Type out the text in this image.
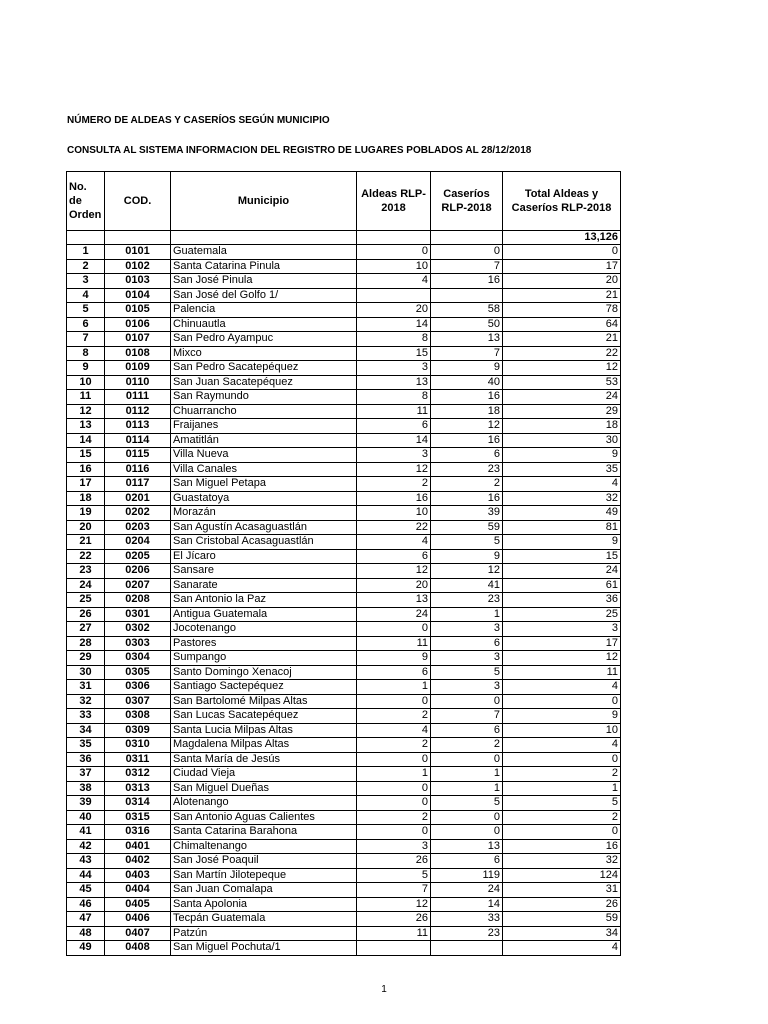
NÚMERO DE ALDEAS Y CASERÍOS SEGÚN MUNICIPIO
CONSULTA AL SISTEMA INFORMACION DEL REGISTRO DE LUGARES POBLADOS AL 28/12/2018
No. de Orden	COD.	Municipio	Aldeas RLP-2018	Caseríos RLP-2018	Total Aldeas y Caseríos RLP-2018
					13,126
1	0101	Guatemala	0	0	0
2	0102	Santa Catarina Pinula	10	7	17
3	0103	San José Pinula	4	16	20
4	0104	San José del Golfo 1/			21
5	0105	Palencia	20	58	78
6	0106	Chinuautla	14	50	64
7	0107	San Pedro Ayampuc	8	13	21
8	0108	Mixco	15	7	22
9	0109	San Pedro Sacatepéquez	3	9	12
10	0110	San Juan Sacatepéquez	13	40	53
11	0111	San Raymundo	8	16	24
12	0112	Chuarrancho	11	18	29
13	0113	Fraijanes	6	12	18
14	0114	Amatitlán	14	16	30
15	0115	Villa Nueva	3	6	9
16	0116	Villa Canales	12	23	35
17	0117	San Miguel Petapa	2	2	4
18	0201	Guastatoya	16	16	32
19	0202	Morazán	10	39	49
20	0203	San Agustín Acasaguastlán	22	59	81
21	0204	San Cristobal Acasaguastlán	4	5	9
22	0205	El Jícaro	6	9	15
23	0206	Sansare	12	12	24
24	0207	Sanarate	20	41	61
25	0208	San Antonio la Paz	13	23	36
26	0301	Antigua Guatemala	24	1	25
27	0302	Jocotenango	0	3	3
28	0303	Pastores	11	6	17
29	0304	Sumpango	9	3	12
30	0305	Santo Domingo Xenacoj	6	5	11
31	0306	Santiago Sactepéquez	1	3	4
32	0307	San Bartolomé Milpas Altas	0	0	0
33	0308	San Lucas Sacatepéquez	2	7	9
34	0309	Santa Lucia Milpas Altas	4	6	10
35	0310	Magdalena Milpas Altas	2	2	4
36	0311	Santa María de Jesús	0	0	0
37	0312	Ciudad Vieja	1	1	2
38	0313	San Miguel Dueñas	0	1	1
39	0314	Alotenango	0	5	5
40	0315	San Antonio Aguas Calientes	2	0	2
41	0316	Santa Catarina Barahona	0	0	0
42	0401	Chimaltenango	3	13	16
43	0402	San José Poaquil	26	6	32
44	0403	San Martín Jilotepeque	5	119	124
45	0404	San Juan Comalapa	7	24	31
46	0405	Santa Apolonia	12	14	26
47	0406	Tecpán Guatemala	26	33	59
48	0407	Patzún	11	23	34
49	0408	San Miguel Pochuta/1			4
1
